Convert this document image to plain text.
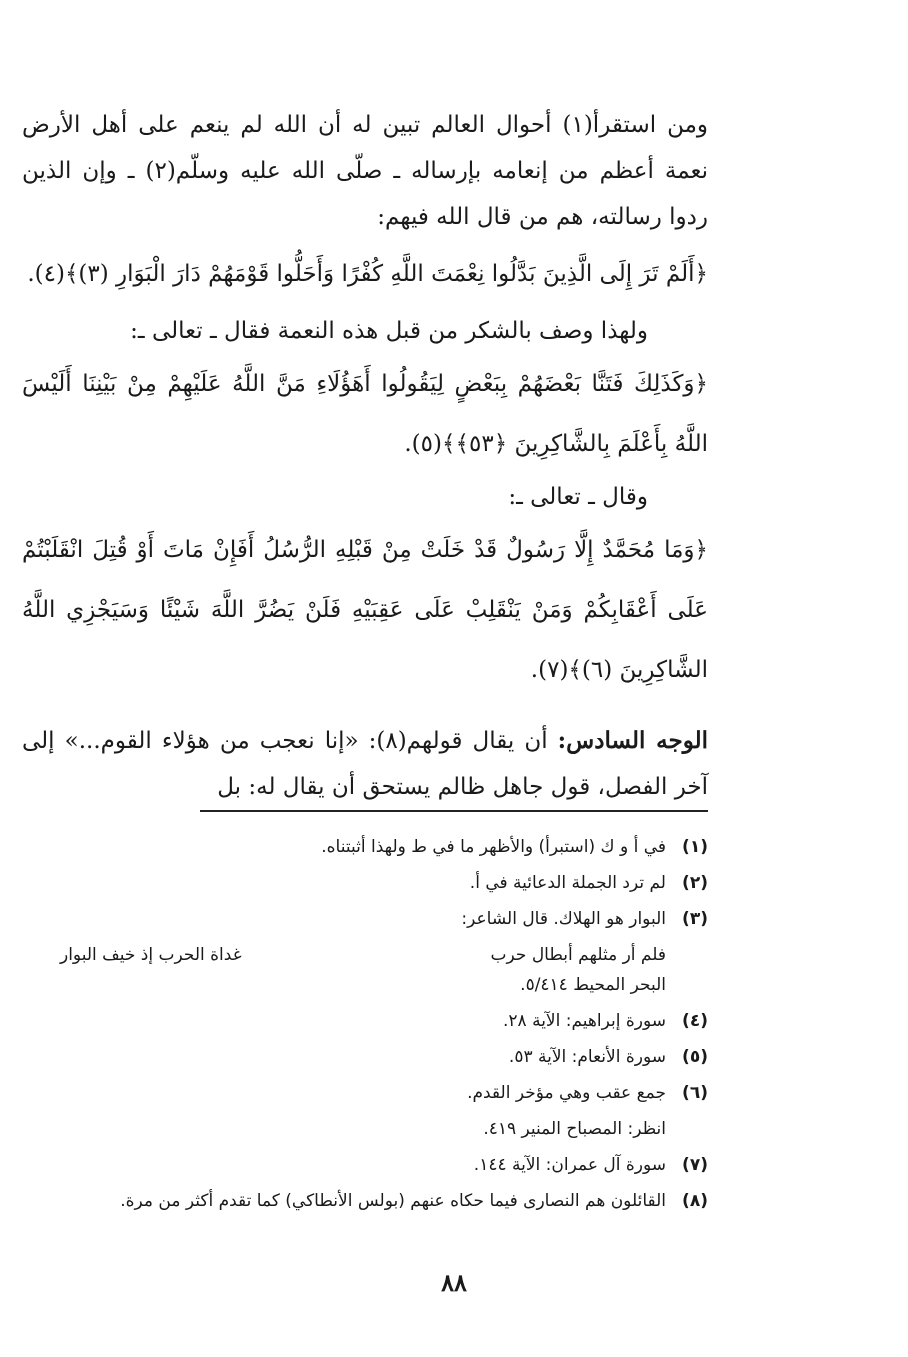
ومن استقرأ(١) أحوال العالم تبين له أن الله لم ينعم على أهل الأرض نعمة أعظم من إنعامه بإرساله ـ صلّى الله عليه وسلّم(٢) ـ وإن الذين ردوا رسالته، هم من قال الله فيهم:

﴿أَلَمْ تَرَ إِلَى الَّذِينَ بَدَّلُوا نِعْمَتَ اللَّهِ كُفْرًا وَأَحَلُّوا قَوْمَهُمْ دَارَ الْبَوَارِ (٣)﴾(٤).

ولهذا وصف بالشكر من قبل هذه النعمة فقال ـ تعالى ـ:

﴿وَكَذَلِكَ فَتَنَّا بَعْضَهُمْ بِبَعْضٍ لِيَقُولُوا أَهَؤُلَاءِ مَنَّ اللَّهُ عَلَيْهِمْ مِنْ بَيْنِنَا أَلَيْسَ اللَّهُ بِأَعْلَمَ بِالشَّاكِرِينَ ﴿٥٣﴾﴾(٥).

وقال ـ تعالى ـ:

﴿وَمَا مُحَمَّدٌ إِلَّا رَسُولٌ قَدْ خَلَتْ مِنْ قَبْلِهِ الرُّسُلُ أَفَإِنْ مَاتَ أَوْ قُتِلَ انْقَلَبْتُمْ عَلَى أَعْقَابِكُمْ وَمَنْ يَنْقَلِبْ عَلَى عَقِبَيْهِ فَلَنْ يَضُرَّ اللَّهَ شَيْئًا وَسَيَجْزِي اللَّهُ الشَّاكِرِينَ (٦)﴾(٧).

الوجه السادس: أن يقال قولهم(٨): «إنا نعجب من هؤلاء القوم...» إلى آخر الفصل، قول جاهل ظالم يستحق أن يقال له: بل

(١)
في أ و ك (استبرأ) والأظهر ما في ط ولهذا أثبتناه.
(٢)
لم ترد الجملة الدعائية في أ.
(٣)
البوار هو الهلاك. قال الشاعر:
فلم أر مثلهم أبطال حرب
غداة الحرب إذ خيف البوار
البحر المحيط ٥/٤١٤.
(٤)
سورة إبراهيم: الآية ٢٨.
(٥)
سورة الأنعام: الآية ٥٣.
(٦)
جمع عقب وهي مؤخر القدم.
انظر: المصباح المنير ٤١٩.
(٧)
سورة آل عمران: الآية ١٤٤.
(٨)
القائلون هم النصارى فيما حكاه عنهم (بولس الأنطاكي) كما تقدم أكثر من مرة.
٨٨
